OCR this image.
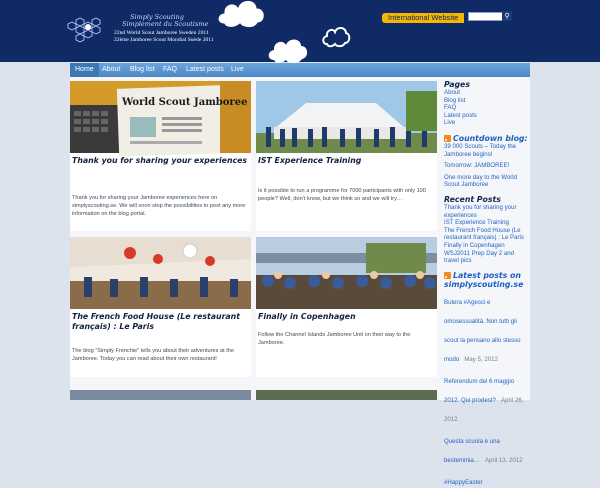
Simply Scouting
Simplement du Scoutisme
22nd World Scout Jamboree Sweden 2011
22ème Jamboree Scout Mondial Suède 2011
International Website	⚲
Home	About	Blog list	FAQ	Latest posts	Live
World Scout Jamboree
Thank you for sharing your experiences
Thank you for sharing your Jamboree experiences here on simplyscouting.se. We will soon stop the possibilities to post any more information on the blog portal.
IST Experience Training
Is it possible to run a programme for 7000 participants with only 100 people? Well, don’t know, but we think so and we will try…
The French Food House (Le restaurant français) : Le Paris
The blog “Simply Frenchie” tells you about their adventures at the Jamboree. Today you can read about their own restaurant!
Finally in Copenhagen
Follow the Channel Islands Jamboree Unit on their way to the Jamboree.
Pages
About
Blog list
FAQ
Latest posts
Live
Countdown blog:
39 000 Scouts – Today the Jamboree begins!
Tomorrow: JAMBOREE!
One more day to the World Scout Jamboree
Recent Posts
Thank you for sharing your experiences
IST Experience Training
The French Food House (Le restaurant français) : Le Paris
Finally in Copenhagen
WSJ2011 Prep Day 2 and travel pics
Latest posts on simplyscouting.se
Butera #Agesci e omosessualità. Non tutti gli scout la pensano allo stesso modo May 5, 2012
Referendum del 6 maggio 2012. Qui prodest? April 26, 2012
Questa scuola è una bestemmia… April 13, 2012
#HappyEaster
